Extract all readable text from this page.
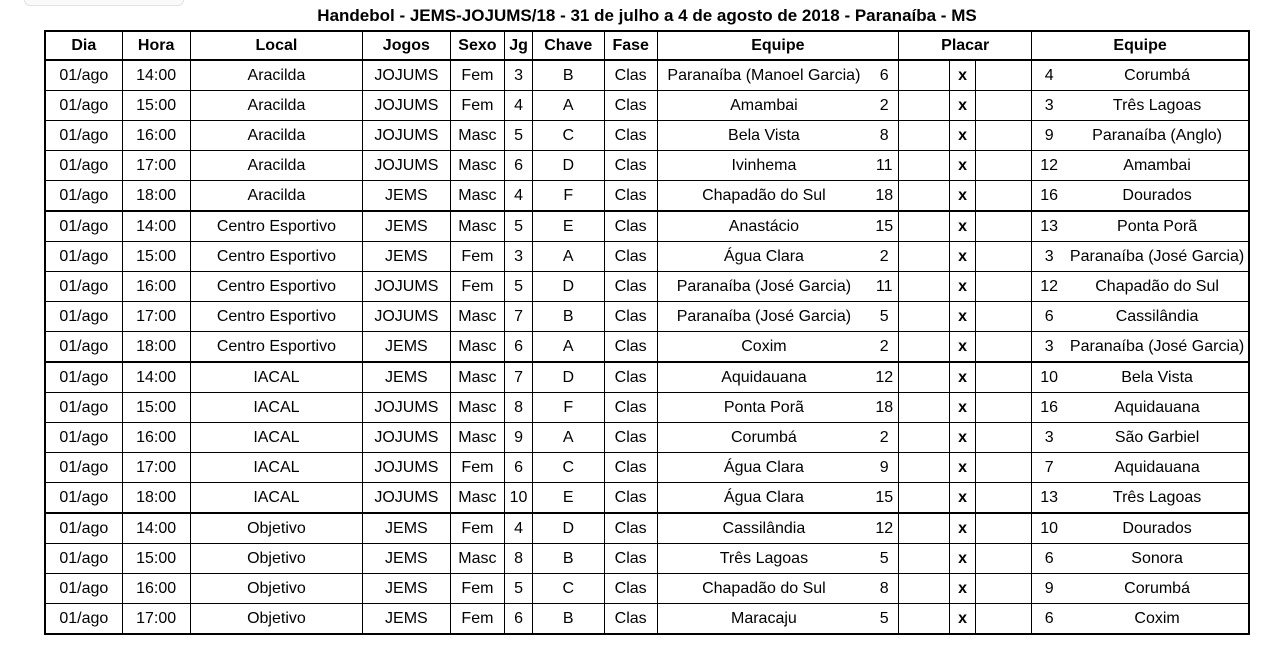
Handebol - JEMS-JOJUMS/18 - 31 de julho a 4 de agosto de 2018 - Paranaíba - MS
Dia	Hora	Local	Jogos	Sexo	Jg	Chave	Fase	Equipe		Placar			Equipe	
01/ago	14:00	Aracilda	JOJUMS	Fem	3	B	Clas	Paranaíba (Manoel Garcia)	6		x		4	Corumbá
01/ago	15:00	Aracilda	JOJUMS	Fem	4	A	Clas	Amambai	2		x		3	Três Lagoas
01/ago	16:00	Aracilda	JOJUMS	Masc	5	C	Clas	Bela Vista	8		x		9	Paranaíba (Anglo)
01/ago	17:00	Aracilda	JOJUMS	Masc	6	D	Clas	Ivinhema	11		x		12	Amambai
01/ago	18:00	Aracilda	JEMS	Masc	4	F	Clas	Chapadão do Sul	18		x		16	Dourados
01/ago	14:00	Centro Esportivo	JEMS	Masc	5	E	Clas	Anastácio	15		x		13	Ponta Porã
01/ago	15:00	Centro Esportivo	JEMS	Fem	3	A	Clas	Água Clara	2		x		3	Paranaíba (José Garcia)
01/ago	16:00	Centro Esportivo	JOJUMS	Fem	5	D	Clas	Paranaíba (José Garcia)	11		x		12	Chapadão do Sul
01/ago	17:00	Centro Esportivo	JOJUMS	Masc	7	B	Clas	Paranaíba (José Garcia)	5		x		6	Cassilândia
01/ago	18:00	Centro Esportivo	JEMS	Masc	6	A	Clas	Coxim	2		x		3	Paranaíba (José Garcia)
01/ago	14:00	IACAL	JEMS	Masc	7	D	Clas	Aquidauana	12		x		10	Bela Vista
01/ago	15:00	IACAL	JOJUMS	Masc	8	F	Clas	Ponta Porã	18		x		16	Aquidauana
01/ago	16:00	IACAL	JOJUMS	Masc	9	A	Clas	Corumbá	2		x		3	São Garbiel
01/ago	17:00	IACAL	JOJUMS	Fem	6	C	Clas	Água Clara	9		x		7	Aquidauana
01/ago	18:00	IACAL	JOJUMS	Masc	10	E	Clas	Água Clara	15		x		13	Três Lagoas
01/ago	14:00	Objetivo	JEMS	Fem	4	D	Clas	Cassilândia	12		x		10	Dourados
01/ago	15:00	Objetivo	JEMS	Masc	8	B	Clas	Três Lagoas	5		x		6	Sonora
01/ago	16:00	Objetivo	JEMS	Fem	5	C	Clas	Chapadão do Sul	8		x		9	Corumbá
01/ago	17:00	Objetivo	JEMS	Fem	6	B	Clas	Maracaju	5		x		6	Coxim
